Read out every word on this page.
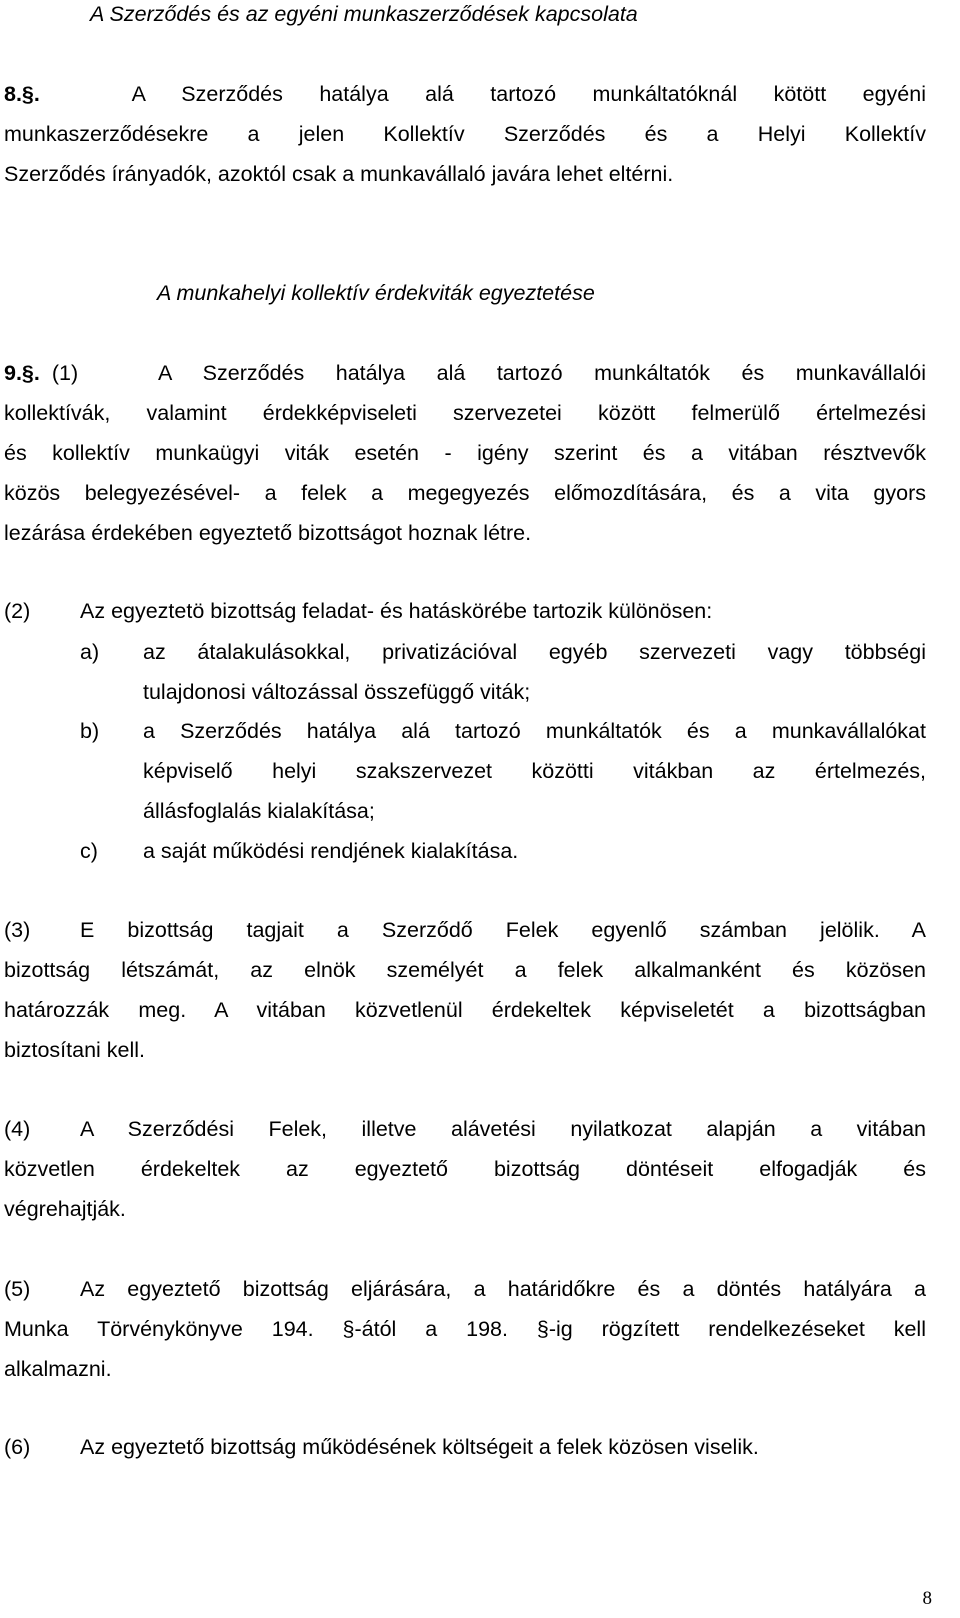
A Szerződés és az egyéni munkaszerződések kapcsolata
8.§.	A Szerződés hatálya alá tartozó munkáltatóknál kötött egyéni
munkaszerződésekre a jelen Kollektív Szerződés és a Helyi Kollektív
Szerződés írányadók, azoktól csak a munkavállaló javára lehet eltérni.
A munkahelyi kollektív érdekviták egyeztetése
9.§. (1)	A Szerződés hatálya alá tartozó munkáltatók és munkavállalói
kollektívák, valamint érdekképviseleti szervezetei között felmerülő értelmezési
és kollektív munkaügyi viták esetén - igény szerint és a vitában résztvevők
közös belegyezésével- a felek a megegyezés előmozdítására, és a vita gyors
lezárása érdekében egyeztető bizottságot hoznak létre.
(2) Az egyeztetö bizottság feladat- és hatáskörébe tartozik különösen:
a) az átalakulásokkal, privatizációval egyéb szervezeti vagy többségi
tulajdonosi változással összefüggő viták;
b) a Szerződés hatálya alá tartozó munkáltatók és a munkavállalókat
képviselő helyi szakszervezet közötti vitákban az értelmezés,
állásfoglalás kialakítása;
c) a saját működési rendjének kialakítása.
(3) E bizottság tagjait a Szerződő Felek egyenlő számban jelölik. A
bizottság létszámát, az elnök személyét a felek alkalmanként és közösen
határozzák meg. A vitában közvetlenül érdekeltek képviseletét a bizottságban
biztosítani kell.
(4) A Szerződési Felek, illetve alávetési nyilatkozat alapján a vitában
közvetlen érdekeltek az egyeztető bizottság döntéseit elfogadják és
végrehajtják.
(5) Az egyeztető bizottság eljárására, a határidőkre és a döntés hatályára a
Munka Törvénykönyve 194. §-ától a 198. §-ig rögzített rendelkezéseket kell
alkalmazni.
(6) Az egyeztető bizottság működésének költségeit a felek közösen viselik.
8
